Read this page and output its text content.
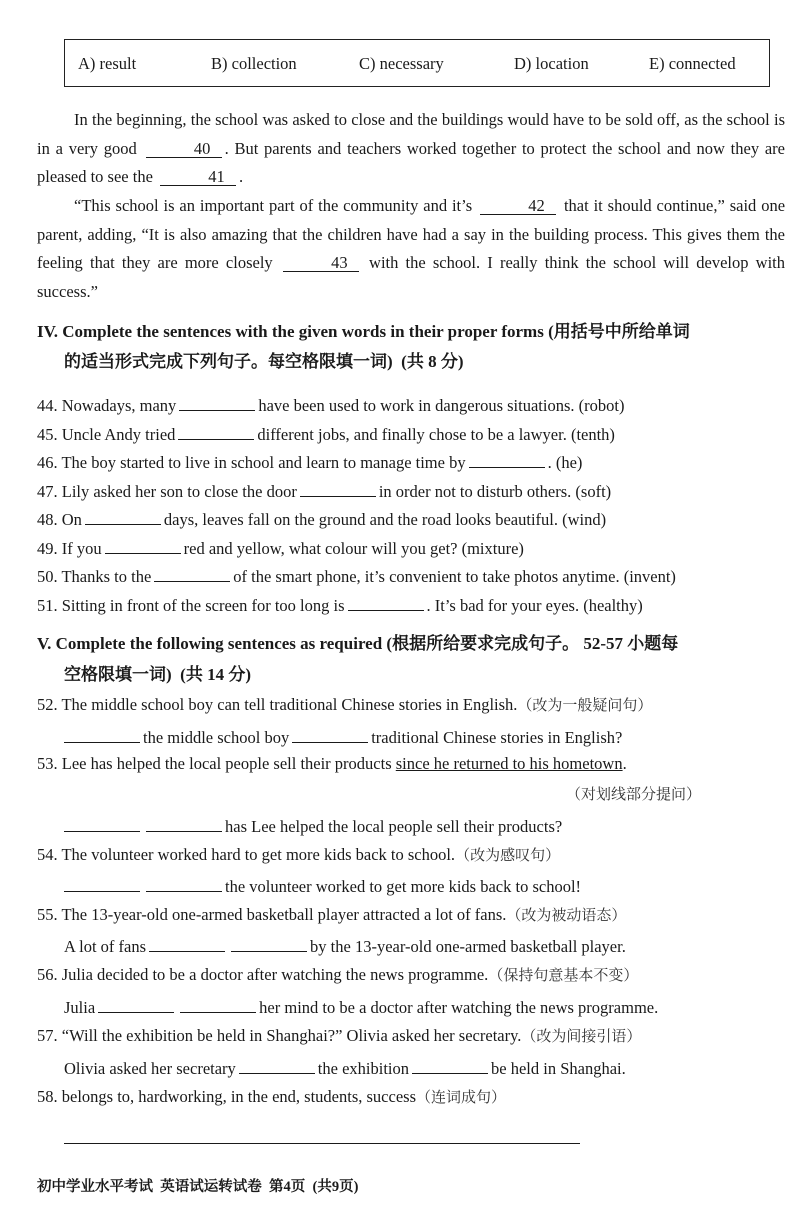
A) result	B) collection	C) necessary	D) location	E) connected
In the beginning, the school was asked to close and the buildings would have to be sold off, as the school is in a very good	40 . But parents and teachers worked together to protect the school and now they are pleased to see the	41 .
“This school is an important part of the community and it’s	42 that it should continue,” said one parent, adding, “It is also amazing that the children have had a say in the building process. This gives them the feeling that they are more closely	43 with the school. I really think the school will develop with success.”
IV. Complete the sentences with the given words in their proper forms (用括号中所给单词
的适当形式完成下列句子。每空格限填一词)  (共 8 分)
44. Nowadays, many	have been used to work in dangerous situations. (robot)
45. Uncle Andy tried	different jobs, and finally chose to be a lawyer. (tenth)
46. The boy started to live in school and learn to manage time by	. (he)
47. Lily asked her son to close the door	in order not to disturb others. (soft)
48. On	days, leaves fall on the ground and the road looks beautiful. (wind)
49. If you	red and yellow, what colour will you get? (mixture)
50. Thanks to the	of the smart phone, it’s convenient to take photos anytime. (invent)
51. Sitting in front of the screen for too long is	. It’s bad for your eyes. (healthy)
V. Complete the following sentences as required (根据所给要求完成句子。 52-57 小题每
空格限填一词)  (共 14 分)
52. The middle school boy can tell traditional Chinese stories in English.（改为一般疑问句）
the middle school boy	traditional Chinese stories in English?
53. Lee has helped the local people sell their products since he returned to his hometown.
（对划线部分提问）
has Lee helped the local people sell their products?
54. The volunteer worked hard to get more kids back to school.（改为感叹句）
the volunteer worked to get more kids back to school!
55. The 13-year-old one-armed basketball player attracted a lot of fans.（改为被动语态）
A lot of fans	by the 13-year-old one-armed basketball player.
56. Julia decided to be a doctor after watching the news programme.（保持句意基本不变）
Julia	her mind to be a doctor after watching the news programme.
57. “Will the exhibition be held in Shanghai?” Olivia asked her secretary.（改为间接引语）
Olivia asked her secretary	the exhibition	be held in Shanghai.
58. belongs to, hardworking, in the end, students, success（连词成句）
初中学业水平考试  英语试运转试卷  第4页  (共9页)
